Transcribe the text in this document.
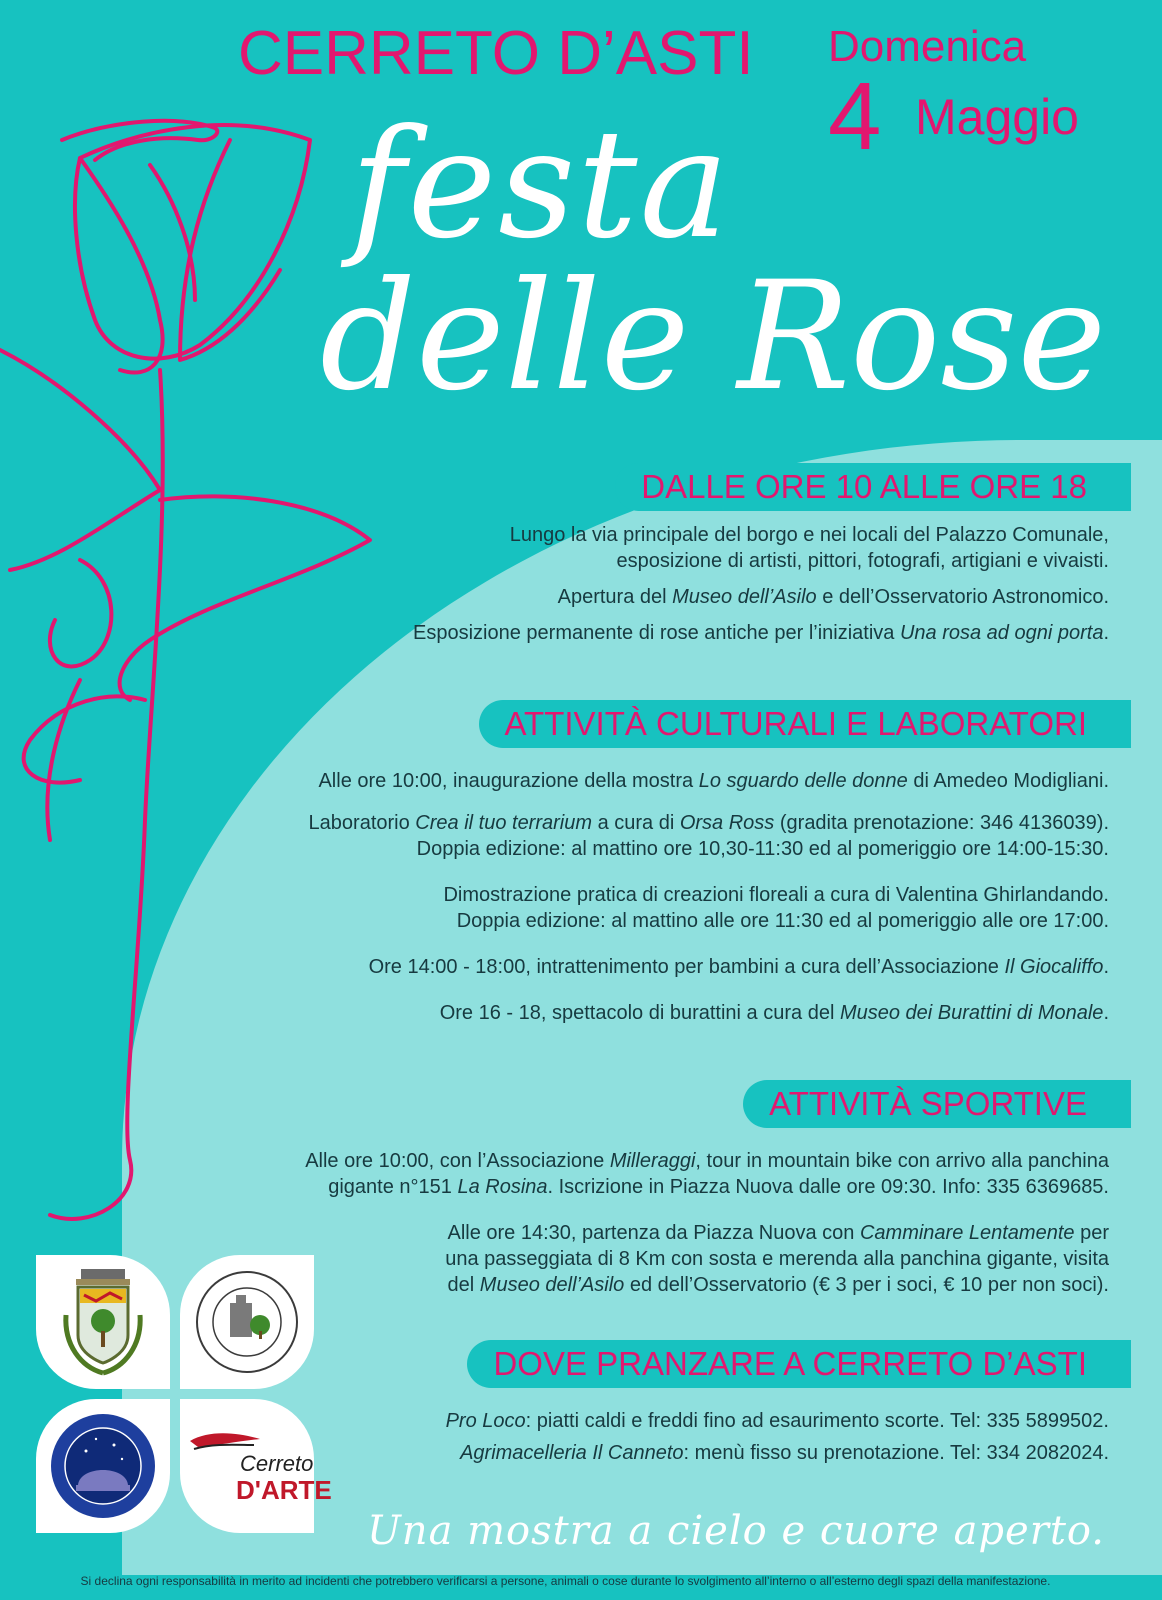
CERRETO D’ASTI Domenica
4 Maggio
festa
delle Rose
DALLE ORE 10 ALLE ORE 18

Lungo la via principale del borgo e nei locali del Palazzo Comunale,

esposizione di artisti, pittori, fotografi, artigiani e vivaisti.

Apertura del Museo dell’Asilo e dell’Osservatorio Astronomico.

Esposizione permanente di rose antiche per l’iniziativa Una rosa ad ogni porta.

ATTIVITÀ CULTURALI E LABORATORI

Alle ore 10:00, inaugurazione della mostra Lo sguardo delle donne di Amedeo Modigliani.

Laboratorio Crea il tuo terrarium a cura di Orsa Ross (gradita prenotazione: 346 4136039).

Doppia edizione: al mattino ore 10,30-11:30 ed al pomeriggio ore 14:00-15:30.

Dimostrazione pratica di creazioni floreali a cura di Valentina Ghirlandando.

Doppia edizione: al mattino alle ore 11:30 ed al pomeriggio alle ore 17:00.

Ore 14:00 - 18:00, intrattenimento per bambini a cura dell’Associazione Il Giocaliffo.

Ore 16 - 18, spettacolo di burattini a cura del Museo dei Burattini di Monale.

ATTIVITÀ SPORTIVE

Alle ore 10:00, con l’Associazione Milleraggi, tour in mountain bike con arrivo alla panchina

gigante n°151 La Rosina. Iscrizione in Piazza Nuova dalle ore 09:30. Info: 335 6369685.

Alle ore 14:30, partenza da Piazza Nuova con Camminare Lentamente per

una passeggiata di 8 Km con sosta e merenda alla panchina gigante, visita

del Museo dell’Asilo ed dell’Osservatorio (€ 3 per i soci, € 10 per non soci).

DOVE PRANZARE A CERRETO D’ASTI

Pro Loco: piatti caldi e freddi fino ad esaurimento scorte. Tel: 335 5899502.

Agrimacelleria Il Canneto: menù fisso su prenotazione. Tel: 334 2082024.

Cerreto
D'ARTE
Una mostra a cielo e cuore aperto.
Si declina ogni responsabilità in merito ad incidenti che potrebbero verificarsi a persone, animali o cose durante lo svolgimento all’interno o all’esterno degli spazi della manifestazione.
